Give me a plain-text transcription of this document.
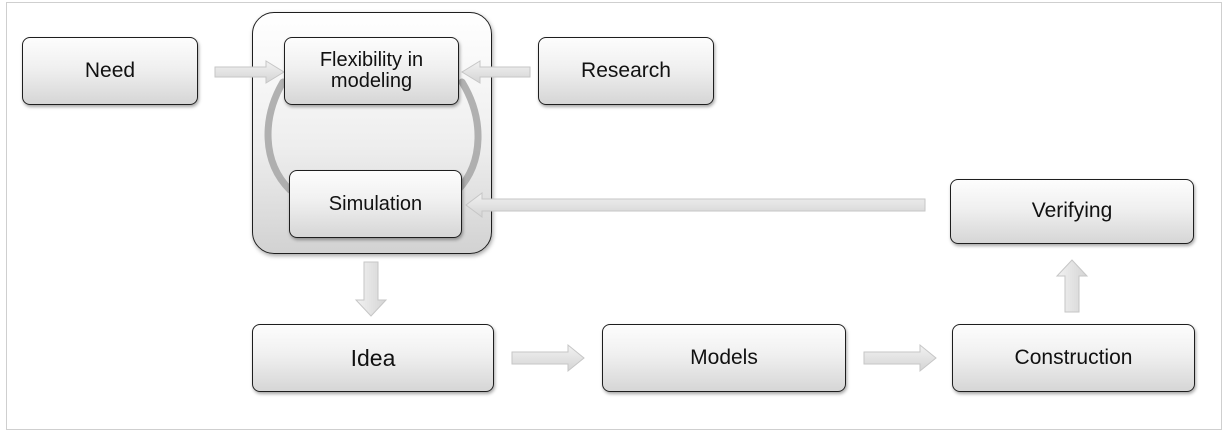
Need	Flexibility in
modeling	Research
Simulation	Verifying
Idea	Models	Construction
